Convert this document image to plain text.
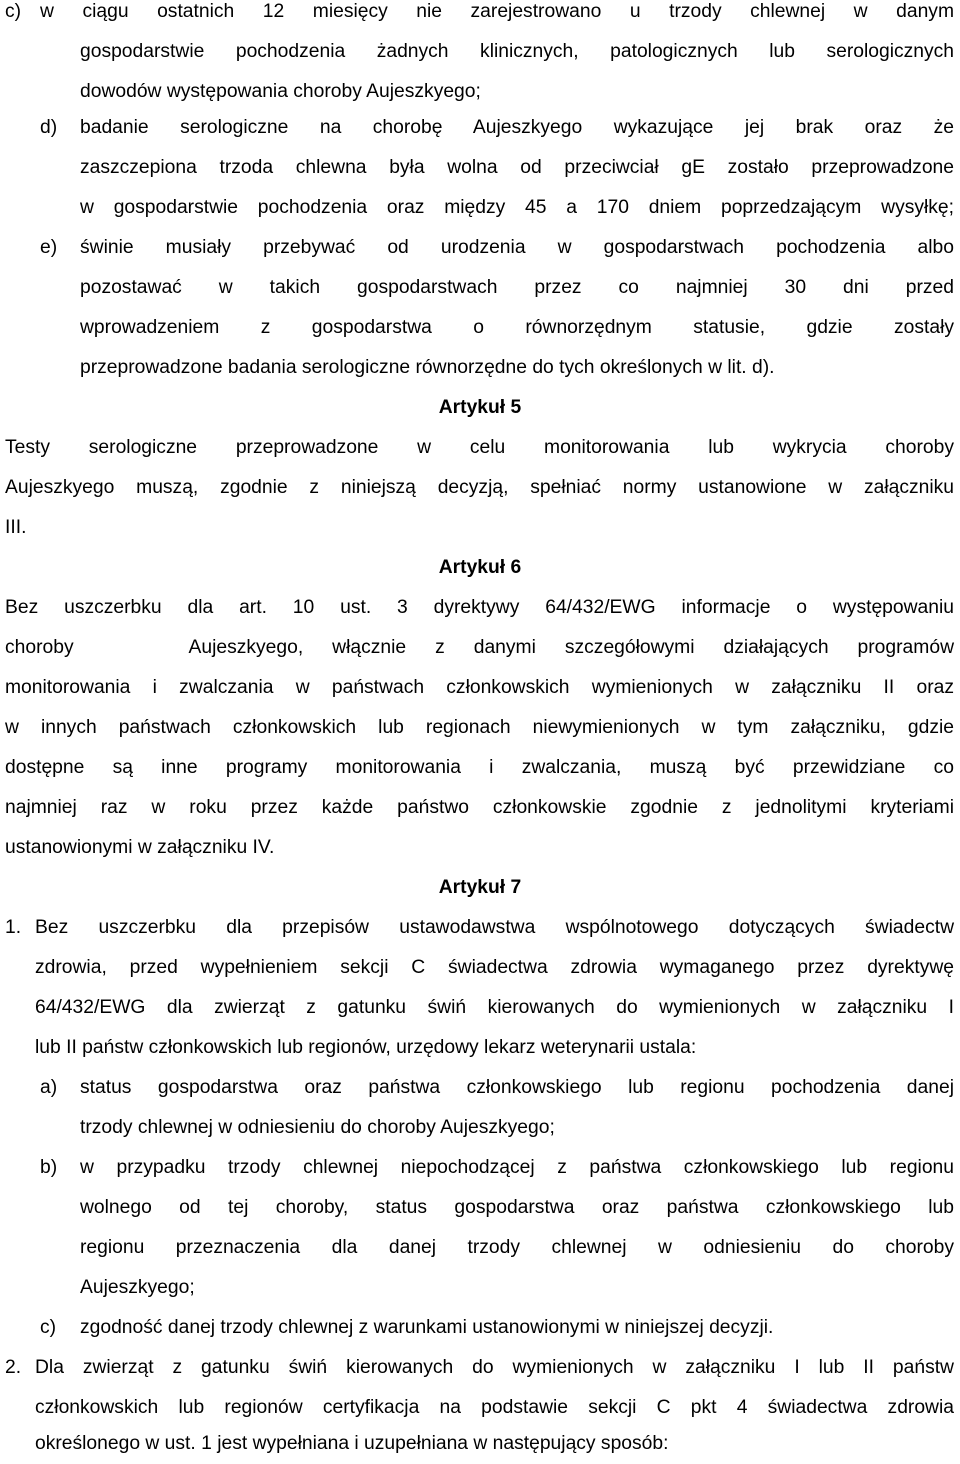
c) w ciągu ostatnich 12 miesięcy nie zarejestrowano u trzody chlewnej w danym
gospodarstwie pochodzenia żadnych klinicznych, patologicznych lub serologicznych
dowodów występowania choroby Aujeszkyego;
d) badanie serologiczne na chorobę Aujeszkyego wykazujące jej brak oraz że
zaszczepiona trzoda chlewna była wolna od przeciwciał gE zostało przeprowadzone
w gospodarstwie pochodzenia oraz między 45 a 170 dniem poprzedzającym wysyłkę;
e) świnie musiały przebywać od urodzenia w gospodarstwach pochodzenia albo
pozostawać w takich gospodarstwach przez co najmniej 30 dni przed
wprowadzeniem z gospodarstwa o równorzędnym statusie, gdzie zostały
przeprowadzone badania serologiczne równorzędne do tych określonych w lit. d).
Artykuł 5
Testy serologiczne przeprowadzone w celu monitorowania lub wykrycia choroby
Aujeszkyego muszą, zgodnie z niniejszą decyzją, spełniać normy ustanowione w załączniku
III.
Artykuł 6
Bez uszczerbku dla art. 10 ust. 3 dyrektywy 64/432/EWG informacje o występowaniu
choroby    Aujeszkyego, włącznie z danymi szczegółowymi działających programów
monitorowania i zwalczania w państwach członkowskich wymienionych w załączniku II oraz
w innych państwach członkowskich lub regionach niewymienionych w tym załączniku, gdzie
dostępne są inne programy monitorowania i zwalczania, muszą być przewidziane co
najmniej raz w roku przez każde państwo członkowskie zgodnie z jednolitymi kryteriami
ustanowionymi w załączniku IV.
Artykuł 7
1. Bez uszczerbku dla przepisów ustawodawstwa wspólnotowego dotyczących świadectw
zdrowia, przed wypełnieniem sekcji C świadectwa zdrowia wymaganego przez dyrektywę
64/432/EWG dla zwierząt z gatunku świń kierowanych do wymienionych w załączniku I
lub II państw członkowskich lub regionów, urzędowy lekarz weterynarii ustala:
a) status gospodarstwa oraz państwa członkowskiego lub regionu pochodzenia danej
trzody chlewnej w odniesieniu do choroby Aujeszkyego;
b) w przypadku trzody chlewnej niepochodzącej z państwa członkowskiego lub regionu
wolnego od tej choroby, status gospodarstwa oraz państwa członkowskiego lub
regionu przeznaczenia dla danej trzody chlewnej w odniesieniu do choroby
Aujeszkyego;
c) zgodność danej trzody chlewnej z warunkami ustanowionymi w niniejszej decyzji.
2. Dla zwierząt z gatunku świń kierowanych do wymienionych w załączniku I lub II państw
członkowskich lub regionów certyfikacja na podstawie sekcji C pkt 4 świadectwa zdrowia
określonego w ust. 1 jest wypełniana i uzupełniana w następujący sposób:
